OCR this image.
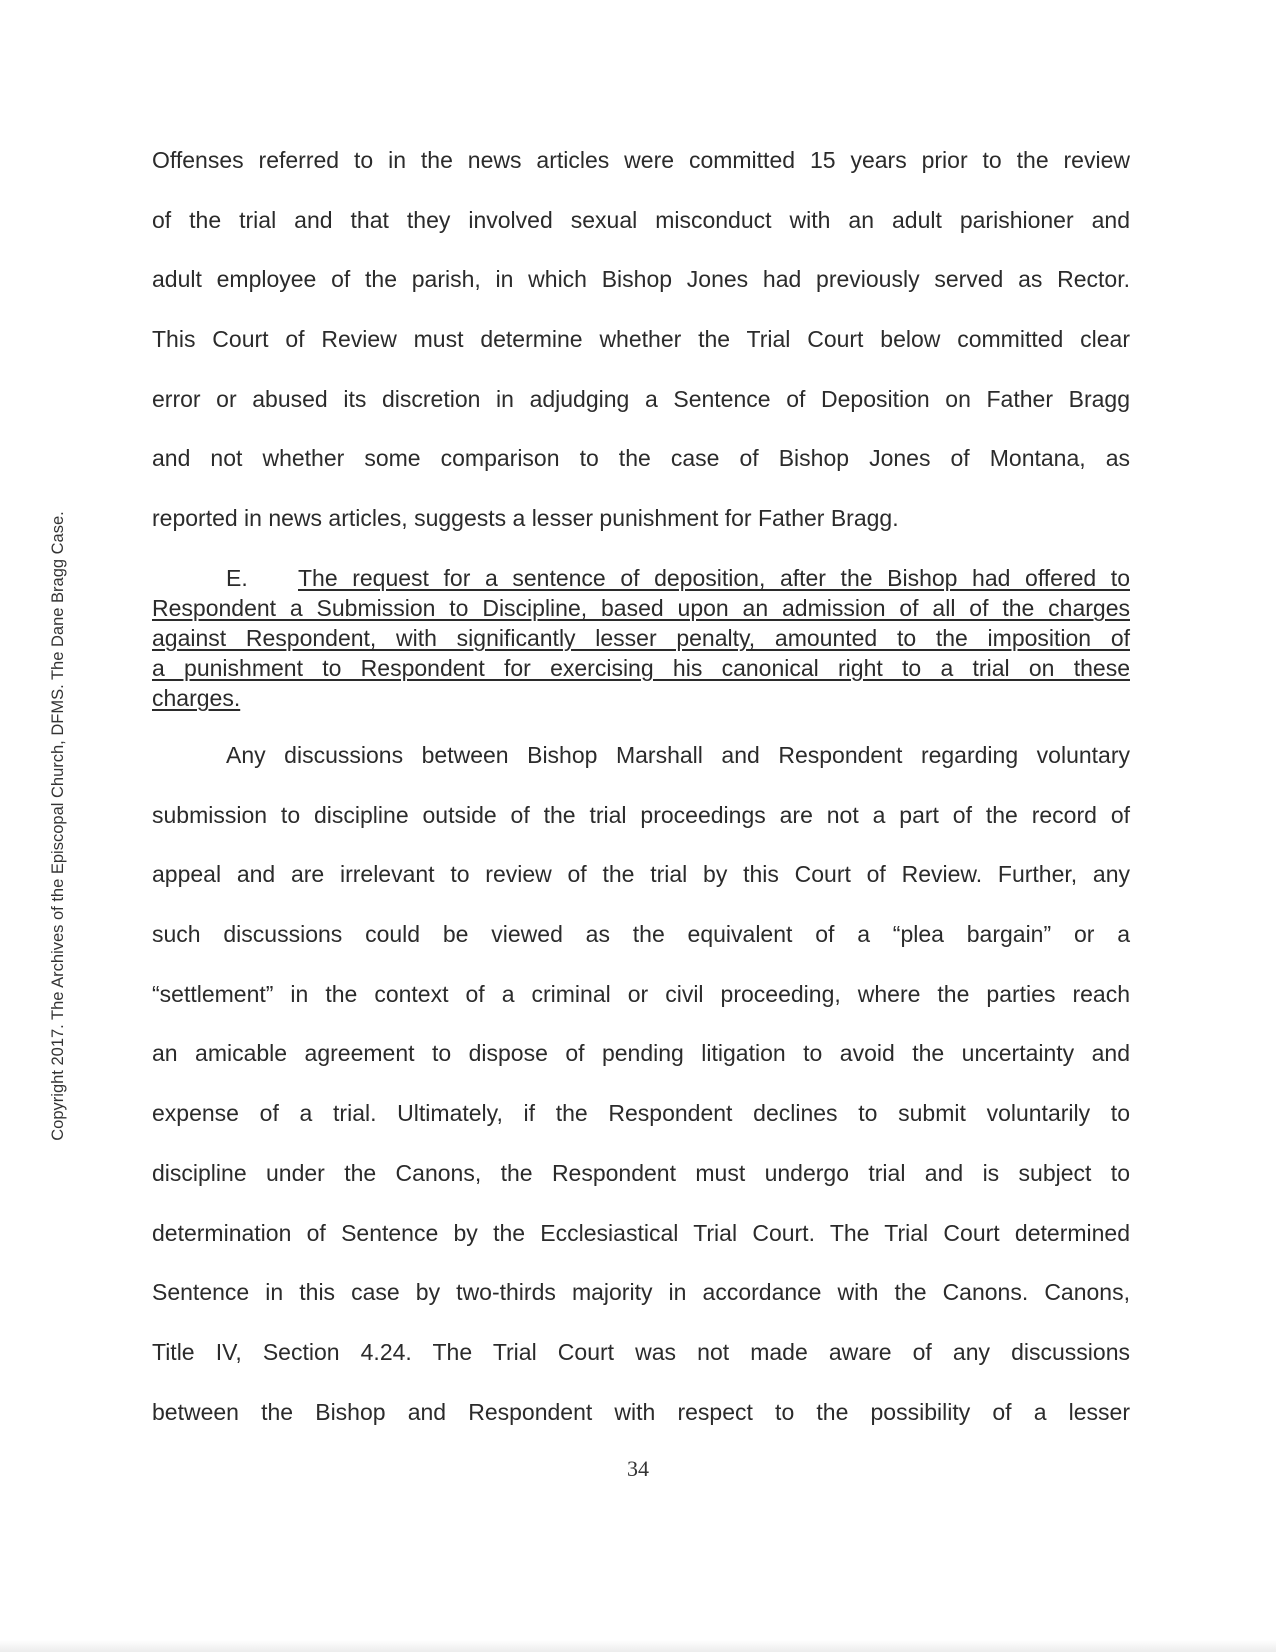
Copyright 2017. The Archives of the Episcopal Church, DFMS. The Dane Bragg Case.
Offenses referred to in the news articles were committed 15 years prior to the review
of the trial and that they involved sexual misconduct with an adult parishioner and
adult employee of the parish, in which Bishop Jones had previously served as Rector.
This Court of Review must determine whether the Trial Court below committed clear
error or abused its discretion in adjudging a Sentence of Deposition on Father Bragg
and not whether some comparison to the case of Bishop Jones of Montana, as
reported in news articles, suggests a lesser punishment for Father Bragg.
E. The request for a sentence of deposition, after the Bishop had offered to
Respondent a Submission to Discipline, based upon an admission of all of the charges
against Respondent, with significantly lesser penalty, amounted to the imposition of
a punishment to Respondent for exercising his canonical right to a trial on these
charges.
Any discussions between Bishop Marshall and Respondent regarding voluntary
submission to discipline outside of the trial proceedings are not a part of the record of
appeal and are irrelevant to review of the trial by this Court of Review. Further, any
such discussions could be viewed as the equivalent of a “plea bargain” or a
“settlement” in the context of a criminal or civil proceeding, where the parties reach
an amicable agreement to dispose of pending litigation to avoid the uncertainty and
expense of a trial. Ultimately, if the Respondent declines to submit voluntarily to
discipline under the Canons, the Respondent must undergo trial and is subject to
determination of Sentence by the Ecclesiastical Trial Court. The Trial Court determined
Sentence in this case by two-thirds majority in accordance with the Canons. Canons,
Title IV, Section 4.24. The Trial Court was not made aware of any discussions
between the Bishop and Respondent with respect to the possibility of a lesser
34
